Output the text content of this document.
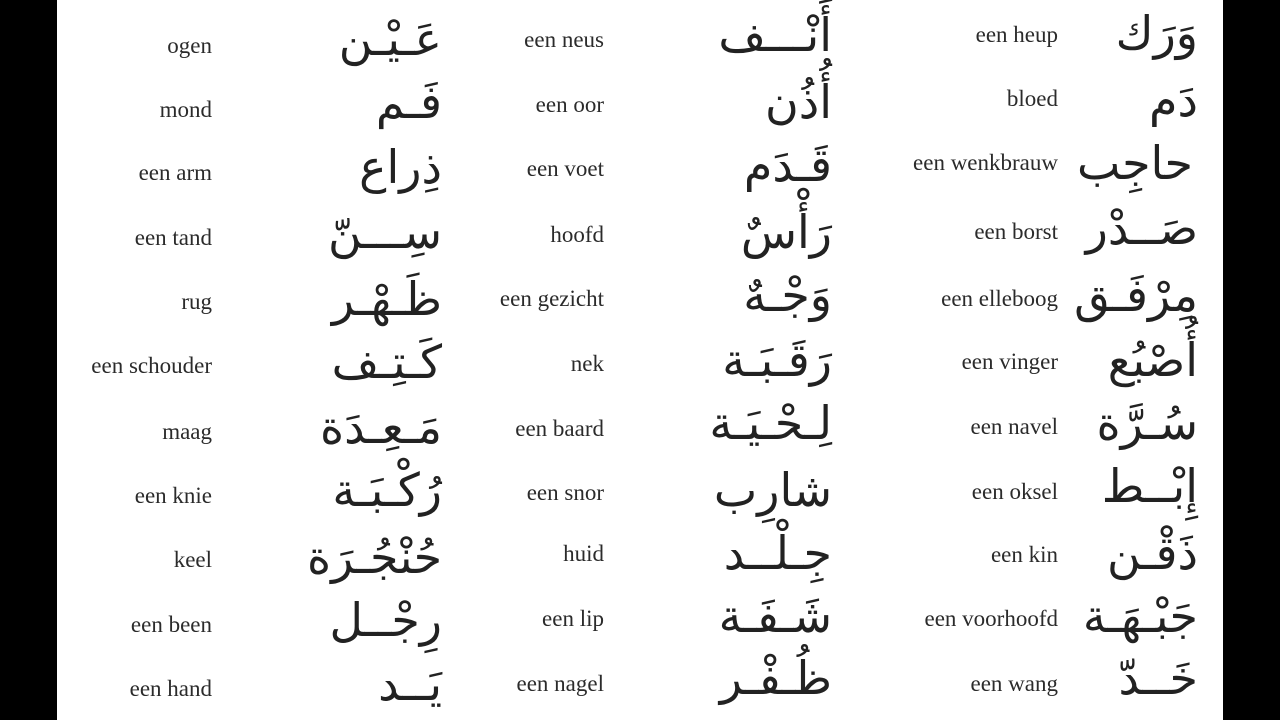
ogen	عَـيْـن
mond	فَـم
een arm	ذِراع
een tand	سِـــنّ
rug	ظَـهْـر
een schouder	كَـتِـف
maag مَـعِـدَة
een knie	رُكْـبَـة
keel حُنْجُـرَة
een been	رِجْــل
een hand	يَــد
een neus أَنْـــف
een oor	أُذُن
een voet	قَـدَم
hoofd	رَأْسٌ
een gezicht	وَجْـهٌ
nek	رَقَـبَـة
een baard لِـحْـيَـة
een snor شارِب
huid	جِـلْــد
een lip شَـفَـة
een nagel	ظُـفْـر
een heup وَرَك
bloed دَم
een wenkbrauw حاجِب
een borst صَــدْر
een elleboog مِرْفَـق
een vinger أُصْبُع
een navel سُـرَّة
een oksel إِبْــط
een kin ذَقْـن
een voorhoofd جَبْـهَـة
een wang خَــدّ
